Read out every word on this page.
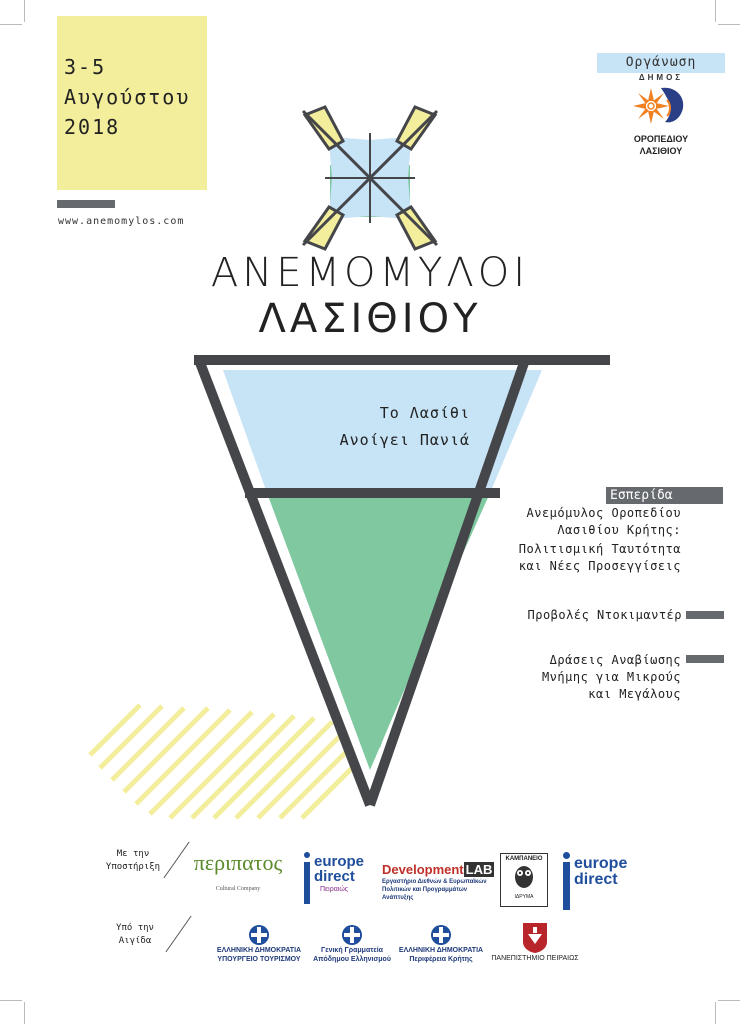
3-5
Αυγούστου
2018
www.anemomylos.com
Οργάνωση
ΔΗΜΟΣ
ΟΡΟΠΕΔΙΟΥ
ΛΑΣΙΘΙΟΥ
ΑΝΕΜΟΜΥΛΟΙ
ΛΑΣΙΘΙΟΥ
Το Λασίθι
Ανοίγει Πανιά
Εσπερίδα
Ανεμόμυλος Οροπεδίου
Λασιθίου Κρήτης:
Πολιτισμική Ταυτότητα
και Νέες Προσεγγίσεις
Προβολές Ντοκιμαντέρ
Δράσεις Αναβίωσης
Μνήμης για Μικρούς
και Μεγάλους
Με την
Υποστήριξη	περιπατος
Cultural Company
europe
direct
Πειραιώς
Development LAB
Εργαστήριο Διεθνών & Ευρωπαϊκών
Πολιτικών και Προγραμμάτων Ανάπτυξης
ΚΑΜΠΑΝΕΙΟ
ΙΔΡΥΜΑ
europe
direct
Υπό την
Αιγίδα
ΕΛΛΗΝΙΚΗ ΔΗΜΟΚΡΑΤΙΑ
ΥΠΟΥΡΓΕΙΟ ΤΟΥΡΙΣΜΟΥ
Γενική Γραμματεία
Απόδημου Ελληνισμού
ΕΛΛΗΝΙΚΗ ΔΗΜΟΚΡΑΤΙΑ
Περιφέρεια Κρήτης	ΠΑΝΕΠΙΣΤΗΜΙΟ ΠΕΙΡΑΙΩΣ
